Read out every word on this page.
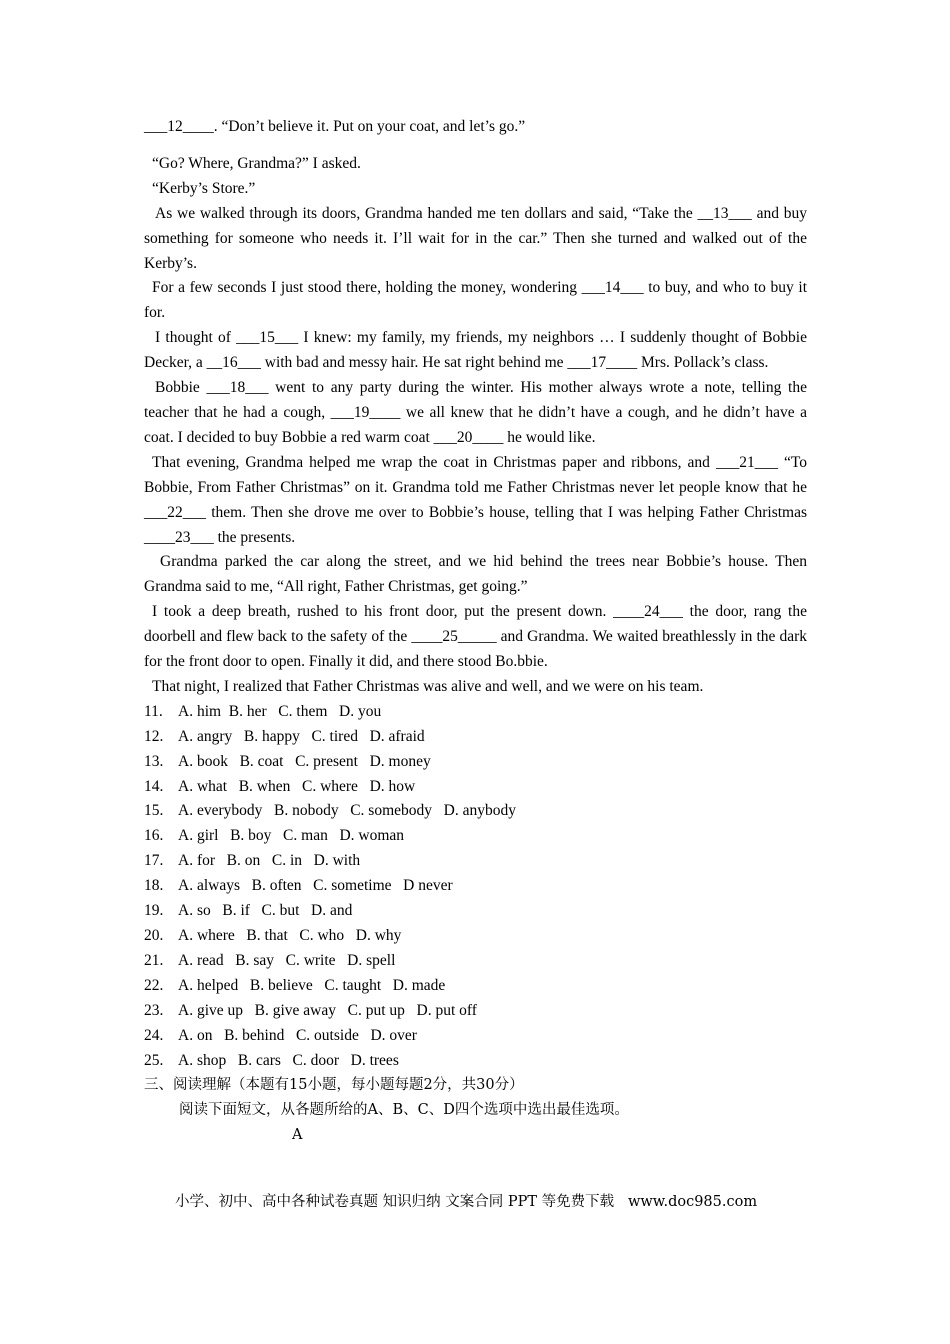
___12____. “Don’t believe it. Put on your coat, and let’s go.”

“Go? Where, Grandma?” I asked.

“Kerby’s Store.”

As we walked through its doors, Grandma handed me ten dollars and said, “Take the __13___ and buy something for someone who needs it. I’ll wait for in the car.” Then she turned and walked out of the Kerby’s.

For a few seconds I just stood there, holding the money, wondering ___14___ to buy, and who to buy it for.

I thought of ___15___ I knew: my family, my friends, my neighbors … I suddenly thought of Bobbie Decker, a __16___ with bad and messy hair. He sat right behind me ___17____ Mrs. Pollack’s class.

Bobbie ___18___ went to any party during the winter. His mother always wrote a note, telling the teacher that he had a cough, ___19____ we all knew that he didn’t have a cough, and he didn’t have a coat. I decided to buy Bobbie a red warm coat ___20____ he would like.

That evening, Grandma helped me wrap the coat in Christmas paper and ribbons, and ___21___ “To Bobbie, From Father Christmas” on it. Grandma told me Father Christmas never let people know that he ___22___ them. Then she drove me over to Bobbie’s house, telling that I was helping Father Christmas ____23___ the presents.

Grandma parked the car along the street, and we hid behind the trees near Bobbie’s house. Then Grandma said to me, “All right, Father Christmas, get going.”

I took a deep breath, rushed to his front door, put the present down. ____24___ the door, rang the doorbell and flew back to the safety of the ____25_____ and Grandma. We waited breathlessly in the dark for the front door to open. Finally it did, and there stood Bo.bbie.

That night, I realized that Father Christmas was alive and well, and we were on his team.

11. A. him  B. her   C. them   D. you

12. A. angry   B. happy   C. tired   D. afraid

13. A. book   B. coat   C. present   D. money

14. A. what   B. when   C. where   D. how

15. A. everybody   B. nobody   C. somebody   D. anybody

16. A. girl   B. boy   C. man   D. woman

17. A. for   B. on   C. in   D. with

18. A. always   B. often   C. sometime   D never

19. A. so   B. if   C. but   D. and

20. A. where   B. that   C. who   D. why

21. A. read   B. say   C. write   D. spell

22. A. helped   B. believe   C. taught   D. made

23. A. give up   B. give away   C. put up   D. put off

24. A. on   B. behind   C. outside   D. over

25. A. shop   B. cars   C. door   D. trees

三、阅读理解（本题有15小题，每小题每题2分，共30分）

阅读下面短文，从各题所给的A、B、C、D四个选项中选出最佳选项。

A

小学、初中、高中各种试卷真题 知识归纳 文案合同 PPT 等免费下载   www.doc985.com
